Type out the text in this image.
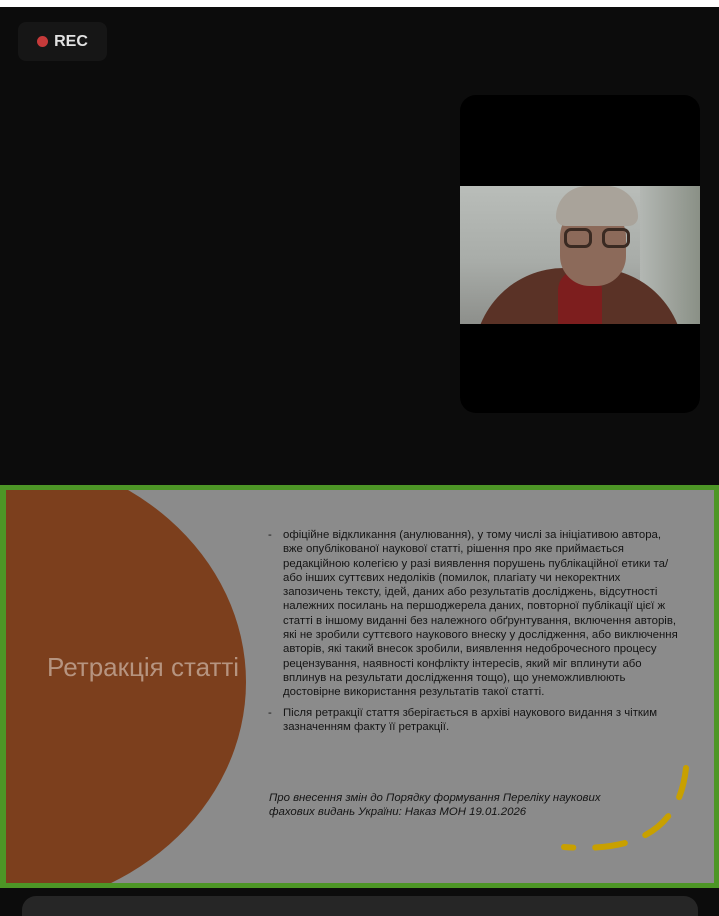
REC
Ретракція статті
- офіційне відкликання (анулювання), у тому числі за ініціативою автора, вже опублікованої наукової статті, рішення про яке приймається редакційною колегією у разі виявлення порушень публікаційної етики та/або інших суттєвих недоліків (помилок, плагіату чи некоректних запозичень тексту, ідей, даних або результатів досліджень, відсутності належних посилань на першоджерела даних, повторної публікації цієї ж статті в іншому виданні без належного обґрунтування, включення авторів, які не зробили суттєвого наукового внеску у дослідження, або виключення авторів, які такий внесок зробили, виявлення недоброчесного процесу рецензування, наявності конфлікту інтересів, який міг вплинути або вплинув на результати дослідження тощо), що унеможливлюють достовірне використання результатів такої статті.
- Після ретракції стаття зберігається в архіві наукового видання з чітким зазначенням факту її ретракції.
Про внесення змін до Порядку формування Переліку наукових фахових видань України: Наказ МОН 19.01.2026
